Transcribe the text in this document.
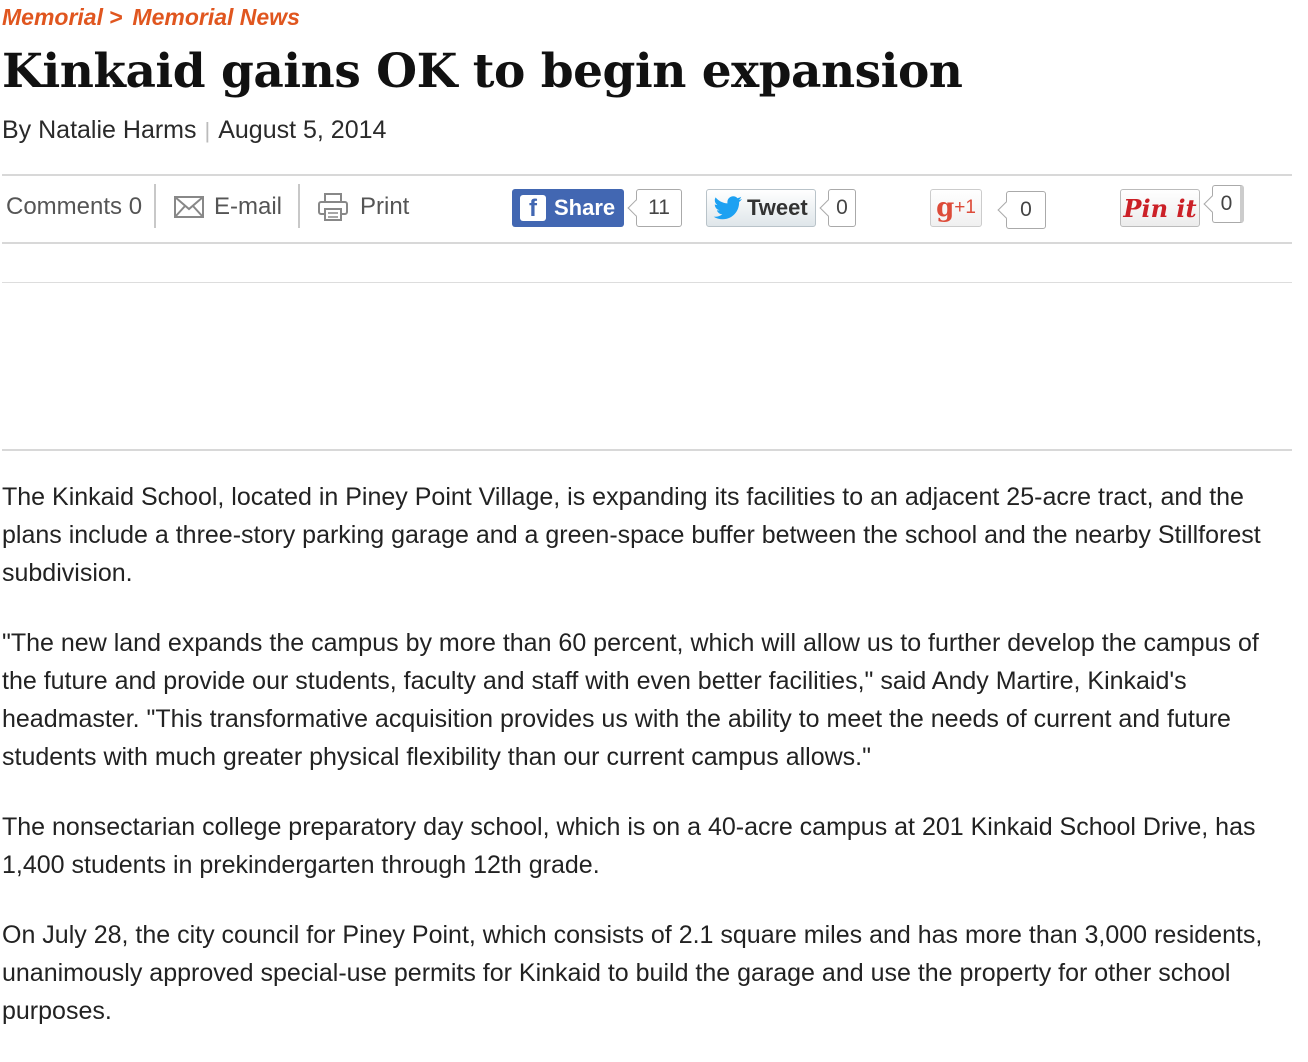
Memorial > Memorial News
Kinkaid gains OK to begin expansion
By Natalie Harms | August 5, 2014
Comments 0	E-mail	Print	f Share	11	Tweet	0	g +1	0	Pin it	0

The Kinkaid School, located in Piney Point Village, is expanding its facilities to an adjacent 25-acre tract, and the plans include a three-story parking garage and a green-space buffer between the school and the nearby Stillforest subdivision.

"The new land expands the campus by more than 60 percent, which will allow us to further develop the campus of the future and provide our students, faculty and staff with even better facilities," said Andy Martire, Kinkaid's headmaster. "This transformative acquisition provides us with the ability to meet the needs of current and future students with much greater physical flexibility than our current campus allows."

The nonsectarian college preparatory day school, which is on a 40-acre campus at 201 Kinkaid School Drive, has 1,400 students in prekindergarten through 12th grade.

On July 28, the city council for Piney Point, which consists of 2.1 square miles and has more than 3,000 residents, unanimously approved special-use permits for Kinkaid to build the garage and use the property for other school purposes.
